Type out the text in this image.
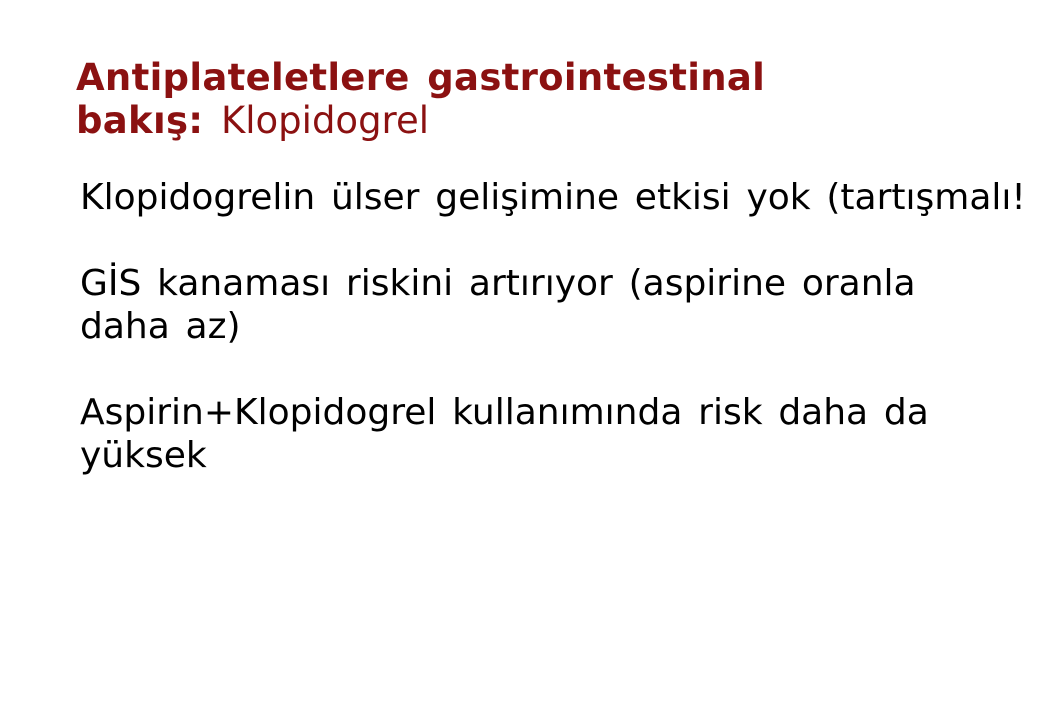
Antiplateletlere gastrointestinal
bakış: Klopidogrel

Klopidogrelin ülser gelişimine etkisi yok (tartışmalı!

GİS kanaması riskini artırıyor (aspirine oranla
daha az)

Aspirin+Klopidogrel kullanımında risk daha da
yüksek
